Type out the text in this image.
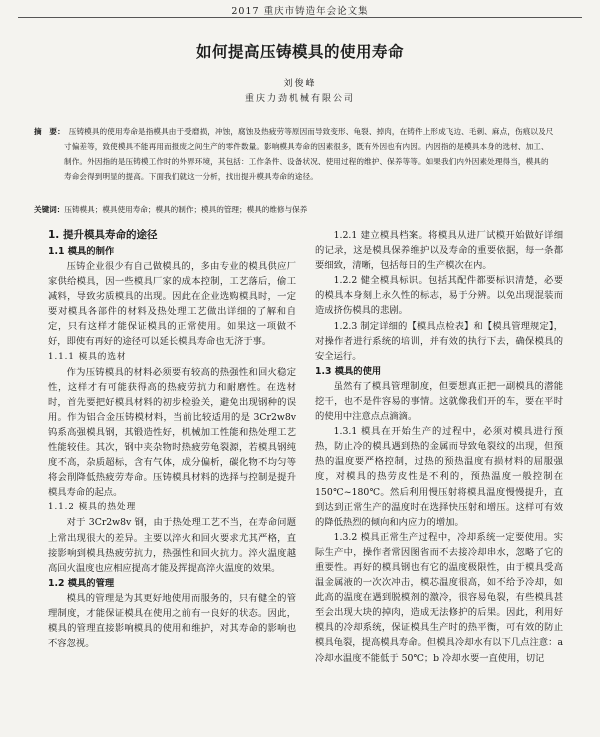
2017 重庆市铸造年会论文集
如何提高压铸模具的使用寿命
刘俊峰
重庆力劲机械有限公司
摘　要： 压铸模具的使用寿命是指模具由于受磨损，冲蚀，腐蚀及热疲劳等原因而导致变形、龟裂、掉肉，在铸件上形成飞边、毛刺、麻点，伤痕以及尺寸偏差等，致使模具不能再用而报废之间生产的零件数量。影响模具寿命的因素很多，既有外因也有内因。内因指的是模具本身的选材、加工、制作。外因指的是压铸模工作时的外界环境，其包括：工作条件、设备状况、使用过程的维护、保养等等。如果我们内外因素处理得当，模具的寿命会得到明显的提高。下面我们就这一分析，找出提升模具寿命的途径。
关键词：压铸模具；模具使用寿命；模具的制作；模具的管理；模具的维修与保养
1. 提升模具寿命的途径
1.1 模具的制作

压铸企业很少有自己做模具的，多由专业的模具供应厂家供给模具，因一些模具厂家的成本控制，工艺落后，偷工减料，导致劣质模具的出现。因此在企业选购模具时，一定要对模具各部件的材料及热处理工艺做出详细的了解和自定，只有这样才能保证模具的正常使用。如果这一项做不好，即使有再好的途径可以延长模具寿命也无济于事。

1.1.1 模具的选材

作为压铸模具的材料必须要有较高的热强性和回火稳定性，这样才有可能获得高的热疲劳抗力和耐磨性。在选材时，首先要把好模具材料的初步检验关，避免出现钢种的误用。作为铝合金压铸模材料，当前比较适用的是 3Cr2w8v 钨系高强模具钢，其锻造性好，机械加工性能和热处理工艺性能较佳。其次，钢中夹杂物时热疲劳龟裂源，若模具钢纯度不高，杂质超标，含有气体，成分偏析，碳化物不均匀等将会削降低热疲劳寿命。压铸模具材料的选择与控制是提升模具寿命的起点。

1.1.2 模具的热处理

对于 3Cr2w8v 钢，由于热处理工艺不当，在寿命问题上常出现很大的差异。主要以淬火和回火要求尤其严格，直接影响到模具热疲劳抗力，热强性和回火抗力。淬火温度越高回火温度也应相应提高才能及挥提高淬火温度的效果。

1.2 模具的管理

模具的管理是为其更好地使用而服务的，只有健全的管理制度，才能保证模具在使用之前有一良好的状态。因此，模具的管理直接影响模具的使用和维护，对其寿命的影响也不容忽视。

1.2.1 建立模具档案。将模具从进厂试模开始做好详细的记录，这是模具保养维护以及寿命的重要依据，每一条都要细致，清晰，包括每日的生产模次在内。

1.2.2 健全模具标识。包括其配件都要标识清楚，必要的模具本身刻上永久性的标志，易于分辨。以免出现混装而造成挤伤模具的悲剧。

1.2.3 制定详细的【模具点检表】和【模具管理规定】，对操作者进行系统的培训，并有效的执行下去，确保模具的安全运行。

1.3 模具的使用

虽然有了模具管理制度，但要想真正把一副模具的潜能挖干，也不是件容易的事情。这就像我们开的车，要在平时的使用中注意点点滴滴。

1.3.1 模具在开始生产的过程中，必须对模具进行预热，防止冷的模具遇到热的金属而导致龟裂纹的出现，但预热的温度要严格控制，过热的预热温度有损材料的屈服强度，对模具的热劳皮性是不利的，预热温度一般控制在 150℃~180℃。然后利用慢压射将模具温度慢慢提升，直到达到正常生产的温度时在选择快压射和增压。这样可有效的降低热烈的倾向和内应力的增加。

1.3.2 模具正常生产过程中，冷却系统一定要使用。实际生产中，操作者常因图省而不去接冷却串水，忽略了它的重要性。再好的模具钢也有它的温度极限性，由于模具受高温金属液的一次次冲击，模芯温度很高，如不给予冷却，如此高的温度在遇到脱模剂的激冷，很容易龟裂，有些模具甚至会出现大块的掉肉，造成无法修护的后果。因此，利用好模具的冷却系统，保证模具生产时的热平衡，可有效的防止模具龟裂，提高模具寿命。但模具冷却水有以下几点注意：a 冷却水温度不能低于 50℃；b 冷却水要一直使用，切记
